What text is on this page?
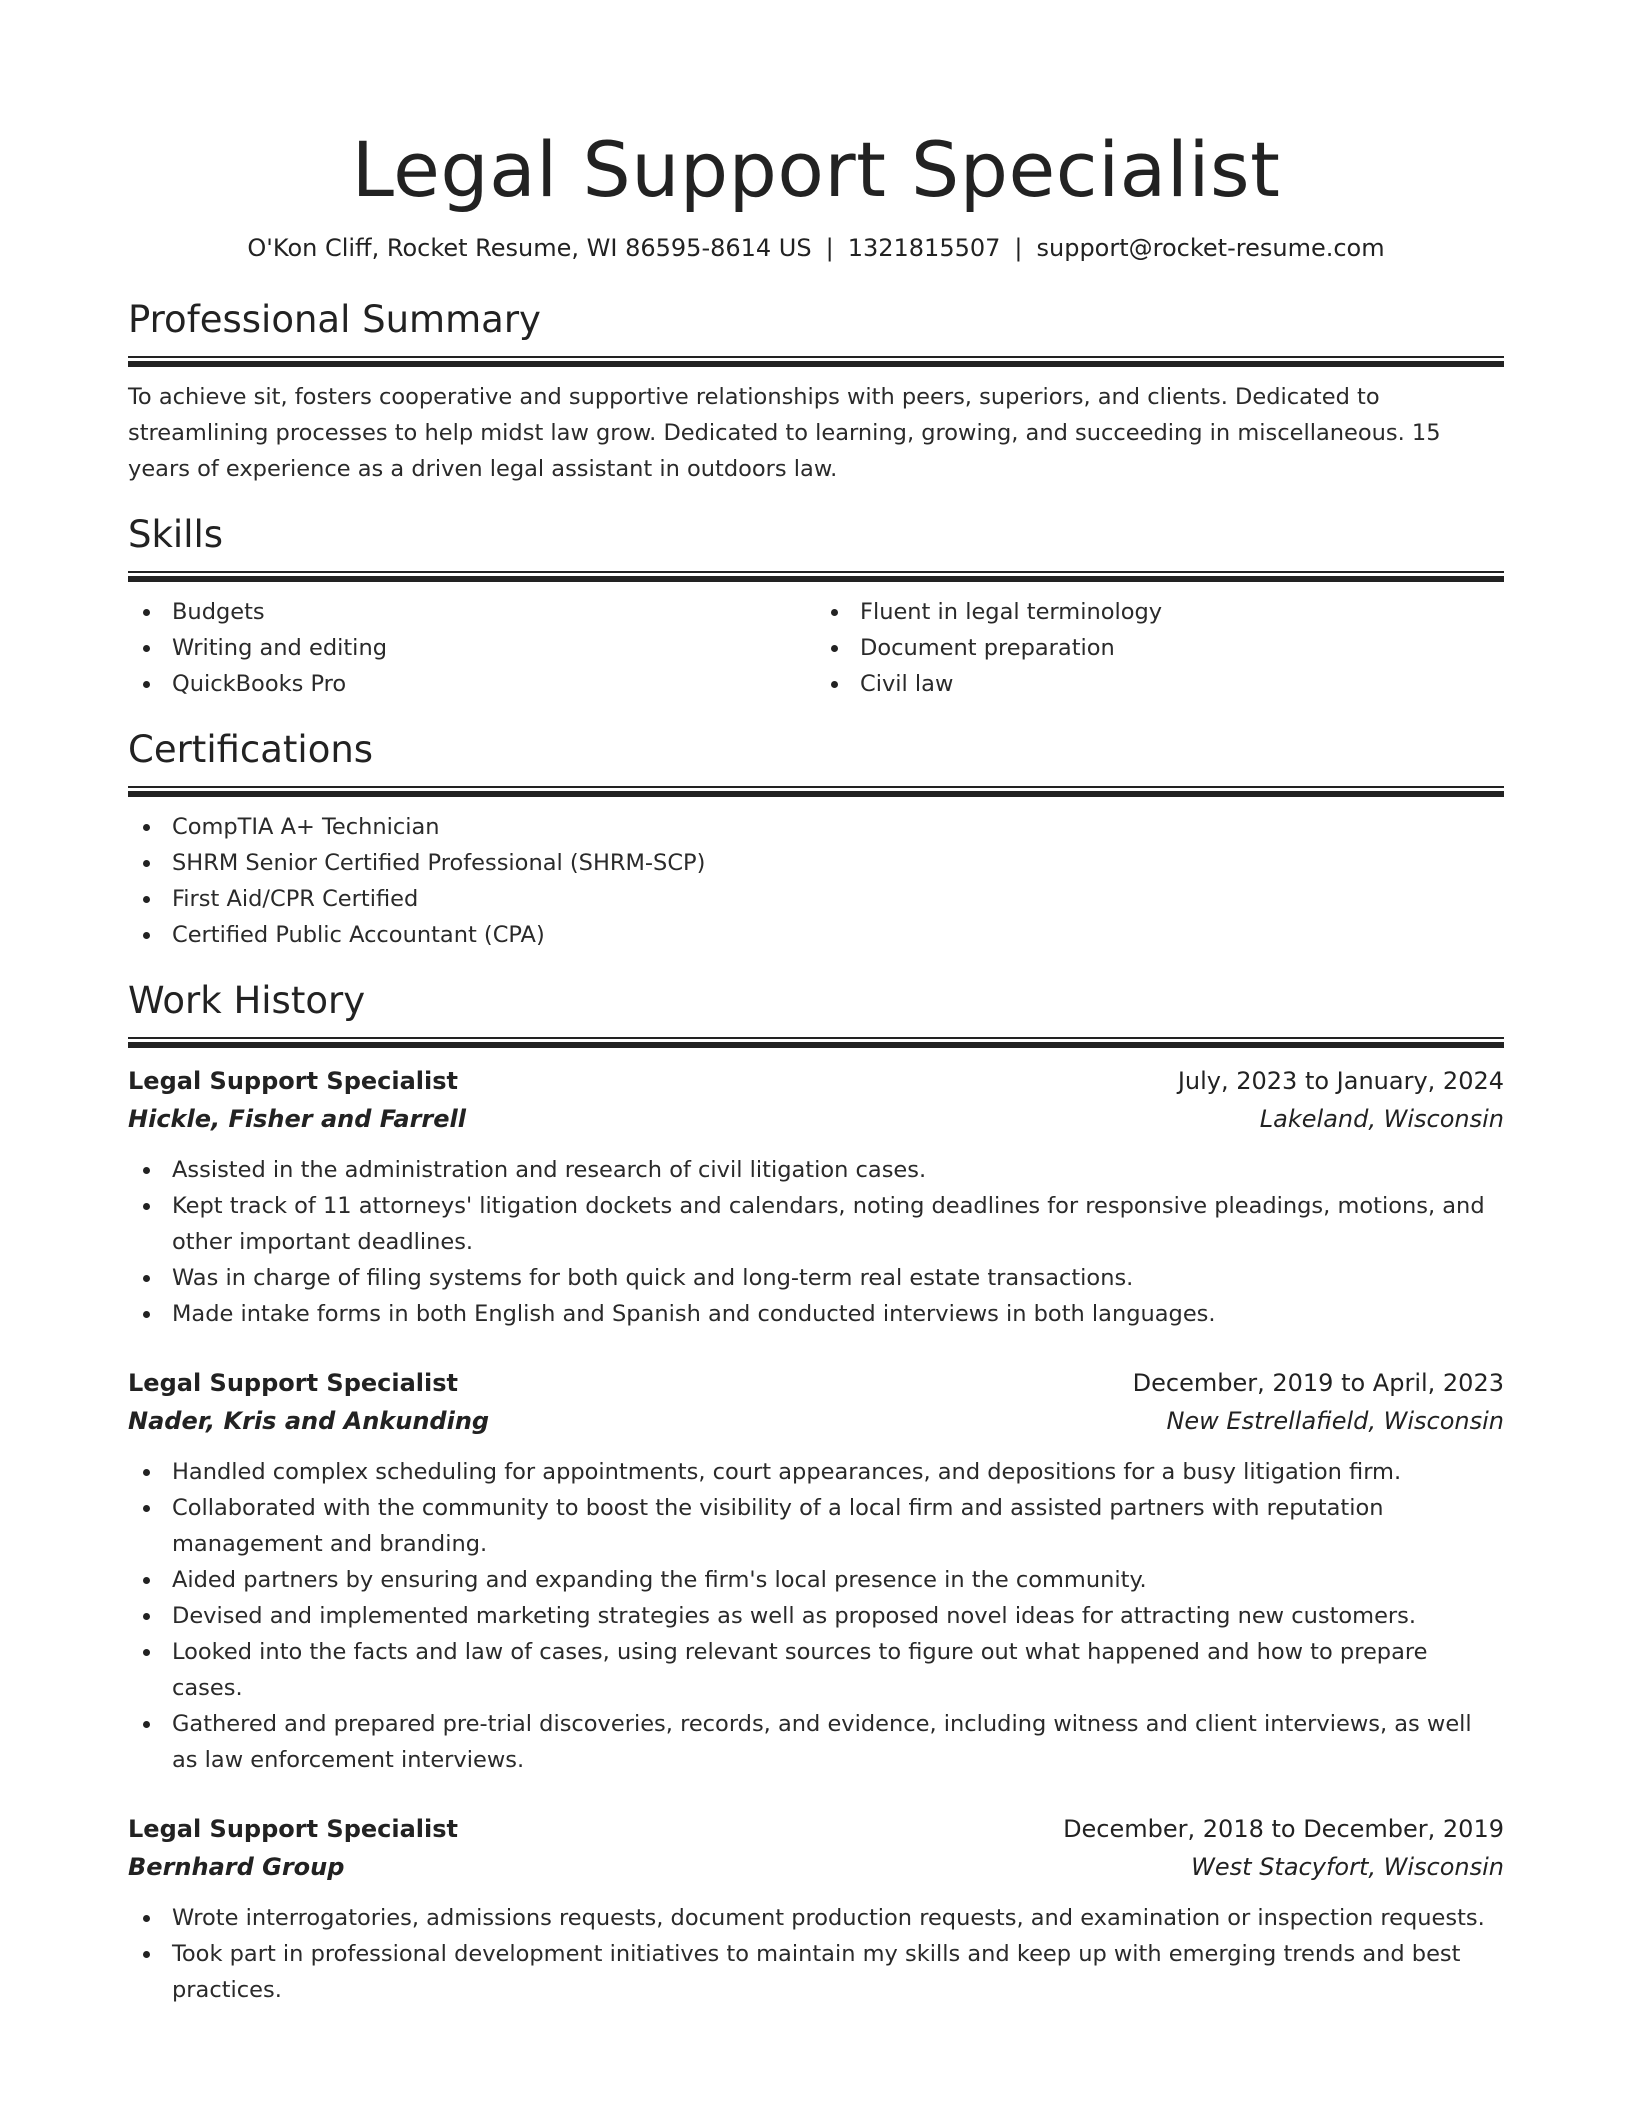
Legal Support Specialist
O'Kon Cliff, Rocket Resume, WI 86595-8614 US | 1321815507 | support@rocket-resume.com
Professional Summary

To achieve sit, fosters cooperative and supportive relationships with peers, superiors, and clients. Dedicated to streamlining processes to help midst law grow. Dedicated to learning, growing, and succeeding in miscellaneous. 15 years of experience as a driven legal assistant in outdoors law.

Skills
Budgets
Writing and editing
QuickBooks Pro
Fluent in legal terminology
Document preparation
Civil law
Certifications
CompTIA A+ Technician
SHRM Senior Certified Professional (SHRM-SCP)
First Aid/CPR Certified
Certified Public Accountant (CPA)
Work History
Legal Support Specialist	July, 2023 to January, 2024
Hickle, Fisher and Farrell	Lakeland, Wisconsin
Assisted in the administration and research of civil litigation cases.
Kept track of 11 attorneys' litigation dockets and calendars, noting deadlines for responsive pleadings, motions, and other important deadlines.
Was in charge of filing systems for both quick and long-term real estate transactions.
Made intake forms in both English and Spanish and conducted interviews in both languages.
Legal Support Specialist	December, 2019 to April, 2023
Nader, Kris and Ankunding	New Estrellafield, Wisconsin
Handled complex scheduling for appointments, court appearances, and depositions for a busy litigation firm.
Collaborated with the community to boost the visibility of a local firm and assisted partners with reputation management and branding.
Aided partners by ensuring and expanding the firm's local presence in the community.
Devised and implemented marketing strategies as well as proposed novel ideas for attracting new customers.
Looked into the facts and law of cases, using relevant sources to figure out what happened and how to prepare cases.
Gathered and prepared pre-trial discoveries, records, and evidence, including witness and client interviews, as well as law enforcement interviews.
Legal Support Specialist	December, 2018 to December, 2019
Bernhard Group	West Stacyfort, Wisconsin
Wrote interrogatories, admissions requests, document production requests, and examination or inspection requests.
Took part in professional development initiatives to maintain my skills and keep up with emerging trends and best practices.
